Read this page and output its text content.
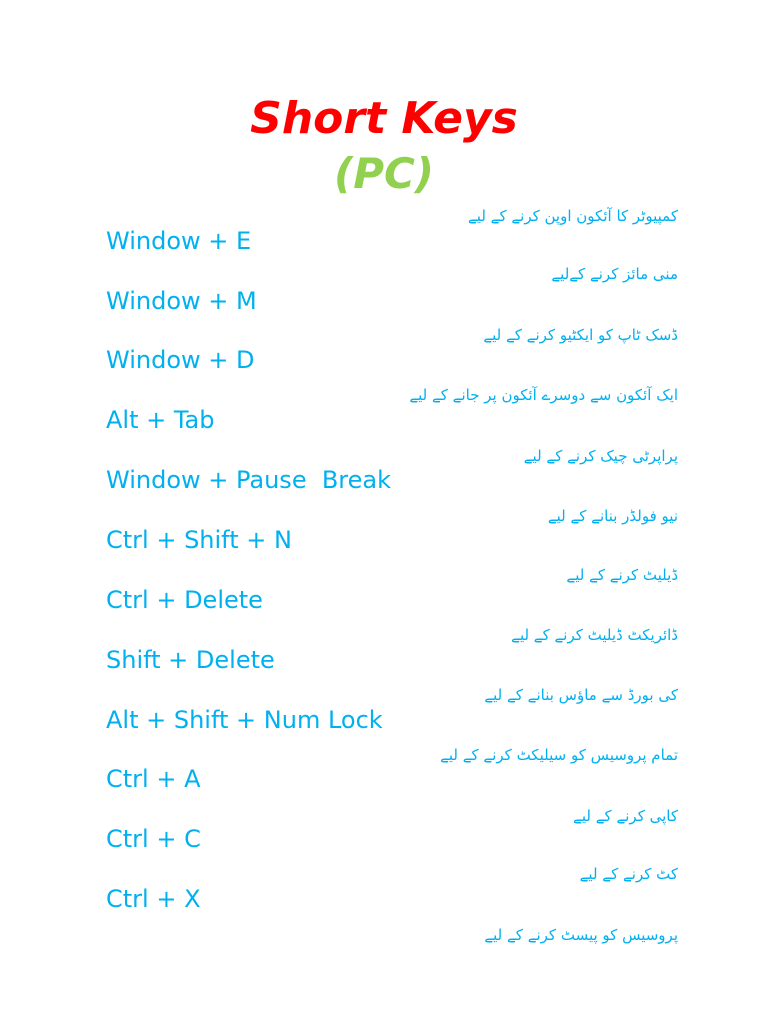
Short Keys
(PC)
کمپیوٹر کا آئکون اوپن کرنے کے لیے
Window + E
منی مائز کرنے کےلیے
Window + M
ڈسک ٹاپ کو ایکٹیو کرنے کے لیے
Window + D
ایک آئکون سے دوسرے آئکون پر جانے کے لیے
Alt + Tab
پراپرٹی چیک کرنے کے لیے
Window + Pause  Break
نیو فولڈر بنانے کے لیے
Ctrl + Shift + N
ڈیلیٹ کرنے کے لیے
Ctrl + Delete
ڈائریکٹ ڈیلیٹ کرنے کے لیے
Shift + Delete
کی بورڈ سے ماؤس بنانے کے لیے
Alt + Shift + Num Lock
تمام پروسیس کو سیلیکٹ کرنے کے لیے
Ctrl + A
کاپی کرنے کے لیے
Ctrl + C
کٹ کرنے کے لیے
Ctrl + X
پروسیس کو پیسٹ کرنے کے لیے
